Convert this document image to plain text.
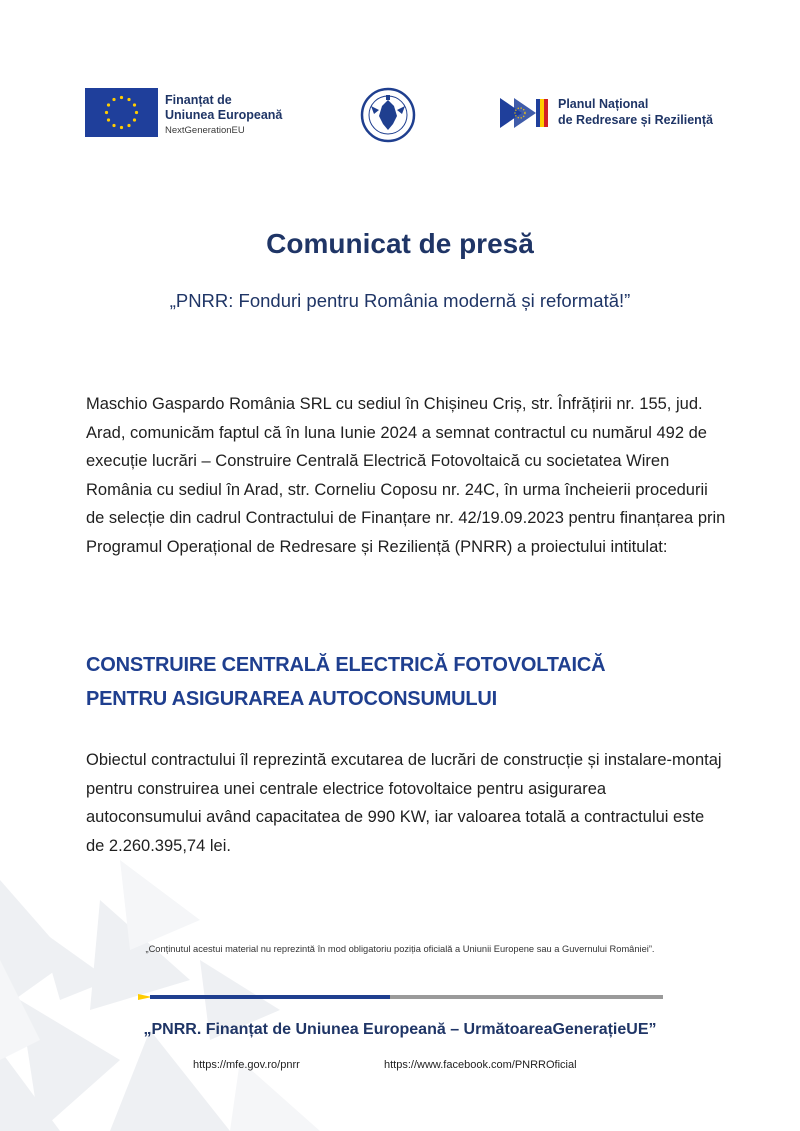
Finanțat de
Uniunea Europeană
NextGenerationEU
Planul Național
de Redresare și Reziliență
Comunicat de presă
„PNRR: Fonduri pentru România modernă și reformată!”

Maschio Gaspardo România SRL cu sediul în Chișineu Criș, str. Înfrățirii nr. 155, jud. Arad, comunicăm faptul că în luna Iunie 2024 a semnat contractul cu numărul 492 de execuție lucrări – Construire Centrală Electrică Fotovoltaică cu societatea Wiren România cu sediul în Arad, str. Corneliu Coposu nr. 24C, în urma încheierii procedurii de selecție din cadrul Contractului de Finanțare nr. 42/19.09.2023 pentru finanțarea prin Programul Operațional de Redresare și Reziliență (PNRR) a proiectului intitulat:

CONSTRUIRE CENTRALĂ ELECTRICĂ FOTOVOLTAICĂ
PENTRU ASIGURAREA AUTOCONSUMULUI

Obiectul contractului îl reprezintă excutarea de lucrări de construcție și instalare-montaj pentru construirea unei centrale electrice fotovoltaice pentru asigurarea autoconsumului având capacitatea de 990 KW, iar valoarea totală a contractului este de 2.260.395,74 lei.

„Conținutul acestui material nu reprezintă în mod obligatoriu poziția oficială a Uniunii Europene sau a Guvernului României”.
„PNRR. Finanțat de Uniunea Europeană – UrmătoareaGenerațieUE”
https://mfe.gov.ro/pnrr	https://www.facebook.com/PNRROficial
